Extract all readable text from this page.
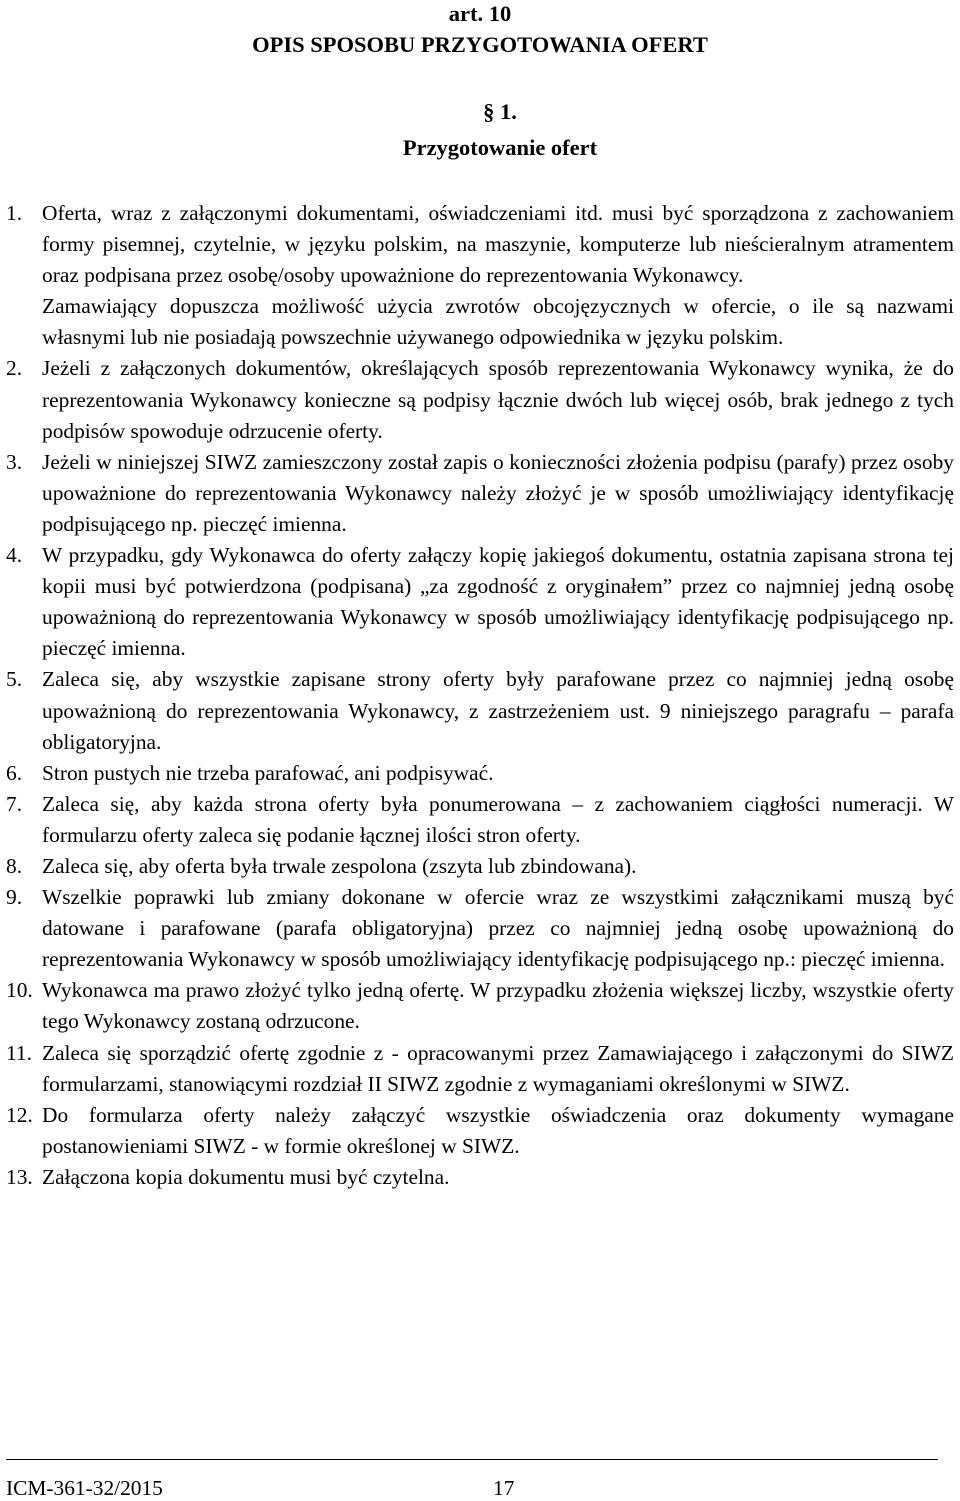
art. 10
OPIS SPOSOBU PRZYGOTOWANIA OFERT
§ 1.
Przygotowanie ofert
1. Oferta, wraz z załączonymi dokumentami, oświadczeniami itd. musi być sporządzona z zachowaniem formy pisemnej, czytelnie, w języku polskim, na maszynie, komputerze lub nieścieralnym atramentem oraz podpisana przez osobę/osoby upoważnione do reprezentowania Wykonawcy.
Zamawiający dopuszcza możliwość użycia zwrotów obcojęzycznych w ofercie, o ile są nazwami własnymi lub nie posiadają powszechnie używanego odpowiednika w języku polskim.
2. Jeżeli z załączonych dokumentów, określających sposób reprezentowania Wykonawcy wynika, że do reprezentowania Wykonawcy konieczne są podpisy łącznie dwóch lub więcej osób, brak jednego z tych podpisów spowoduje odrzucenie oferty.
3. Jeżeli w niniejszej SIWZ zamieszczony został zapis o konieczności złożenia podpisu (parafy) przez osoby upoważnione do reprezentowania Wykonawcy należy złożyć je w sposób umożliwiający identyfikację podpisującego np. pieczęć imienna.
4. W przypadku, gdy Wykonawca do oferty załączy kopię jakiegoś dokumentu, ostatnia zapisana strona tej kopii musi być potwierdzona (podpisana) „za zgodność z oryginałem” przez co najmniej jedną osobę upoważnioną do reprezentowania Wykonawcy w sposób umożliwiający identyfikację podpisującego np. pieczęć imienna.
5. Zaleca się, aby wszystkie zapisane strony oferty były parafowane przez co najmniej jedną osobę upoważnioną do reprezentowania Wykonawcy, z zastrzeżeniem ust. 9 niniejszego paragrafu – parafa obligatoryjna.
6. Stron pustych nie trzeba parafować, ani podpisywać.
7. Zaleca się, aby każda strona oferty była ponumerowana – z zachowaniem ciągłości numeracji. W formularzu oferty zaleca się podanie łącznej ilości stron oferty.
8. Zaleca się, aby oferta była trwale zespolona (zszyta lub zbindowana).
9. Wszelkie poprawki lub zmiany dokonane w ofercie wraz ze wszystkimi załącznikami muszą być datowane i parafowane (parafa obligatoryjna) przez co najmniej jedną osobę upoważnioną do reprezentowania Wykonawcy w sposób umożliwiający identyfikację podpisującego np.: pieczęć imienna.
10. Wykonawca ma prawo złożyć tylko jedną ofertę. W przypadku złożenia większej liczby, wszystkie oferty tego Wykonawcy zostaną odrzucone.
11. Zaleca się sporządzić ofertę zgodnie z - opracowanymi przez Zamawiającego i załączonymi do SIWZ formularzami, stanowiącymi rozdział II SIWZ zgodnie z wymaganiami określonymi w SIWZ.
12. Do formularza oferty należy załączyć wszystkie oświadczenia oraz dokumenty wymagane postanowieniami SIWZ - w formie określonej w SIWZ.
13. Załączona kopia dokumentu musi być czytelna.
ICM-361-32/2015	17
